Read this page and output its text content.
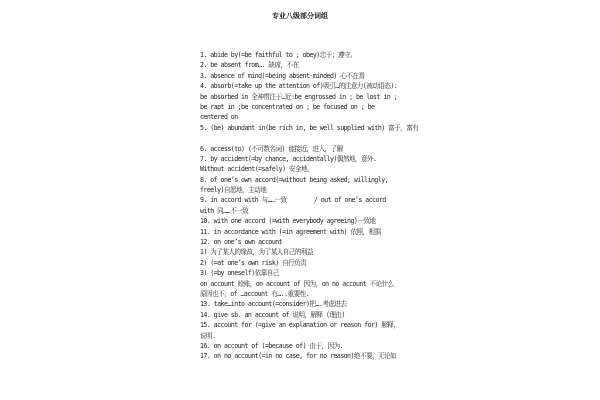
专业八级部分词组
1. abide by(=be faithful to ; obey)忠于；遵守。
2. be absent from…. 缺席，不在
3. absence of mind(=being absent-minded) 心不在焉
4. absorb(=take up the attention of)吸引…的注意力(被动语态):
be absorbed in 全神贯注于…近:be engrossed in ; be lost in ;
be rapt in ;be concentrated on ; be focused on ; be
centered on
5. (be) abundant in(be rich in, be well supplied with) 富于，富有
6. access(to) (不可数名词) 能接近，进入，了解
7. by accident(=by chance, accidentally)偶然地，意外.
Without accident(=safely) 安全地，
8. of one’s own accord(=without being asked; willingly,
freely)自愿地，主动地
9. in accord with 与……一致        / out of one’s accord
with 同……不一致
10. with one accord (=with everybody agreeing)一致地
11. in accordance with (=in agreement with) 依照，根据
12. on one’s own account
1) 为了某人的缘故，为了某人自己的利益
2) (=at one’s own risk) 自行负责
3) (=by oneself)依靠自己
on account 赊账，on account of 因为，on no account 不论什么
原因也不，of …account 有…..重要性.
13. take…into account(=consider)把….考虑进去
14. give sb. an account of 说明，解释 (理由)
15. account for (=give an explanation or reason for) 解释，
说明.
16. on account of (=because of) 由于，因为.
17. on no account(=in no case, for no reason)绝不要，无论如
